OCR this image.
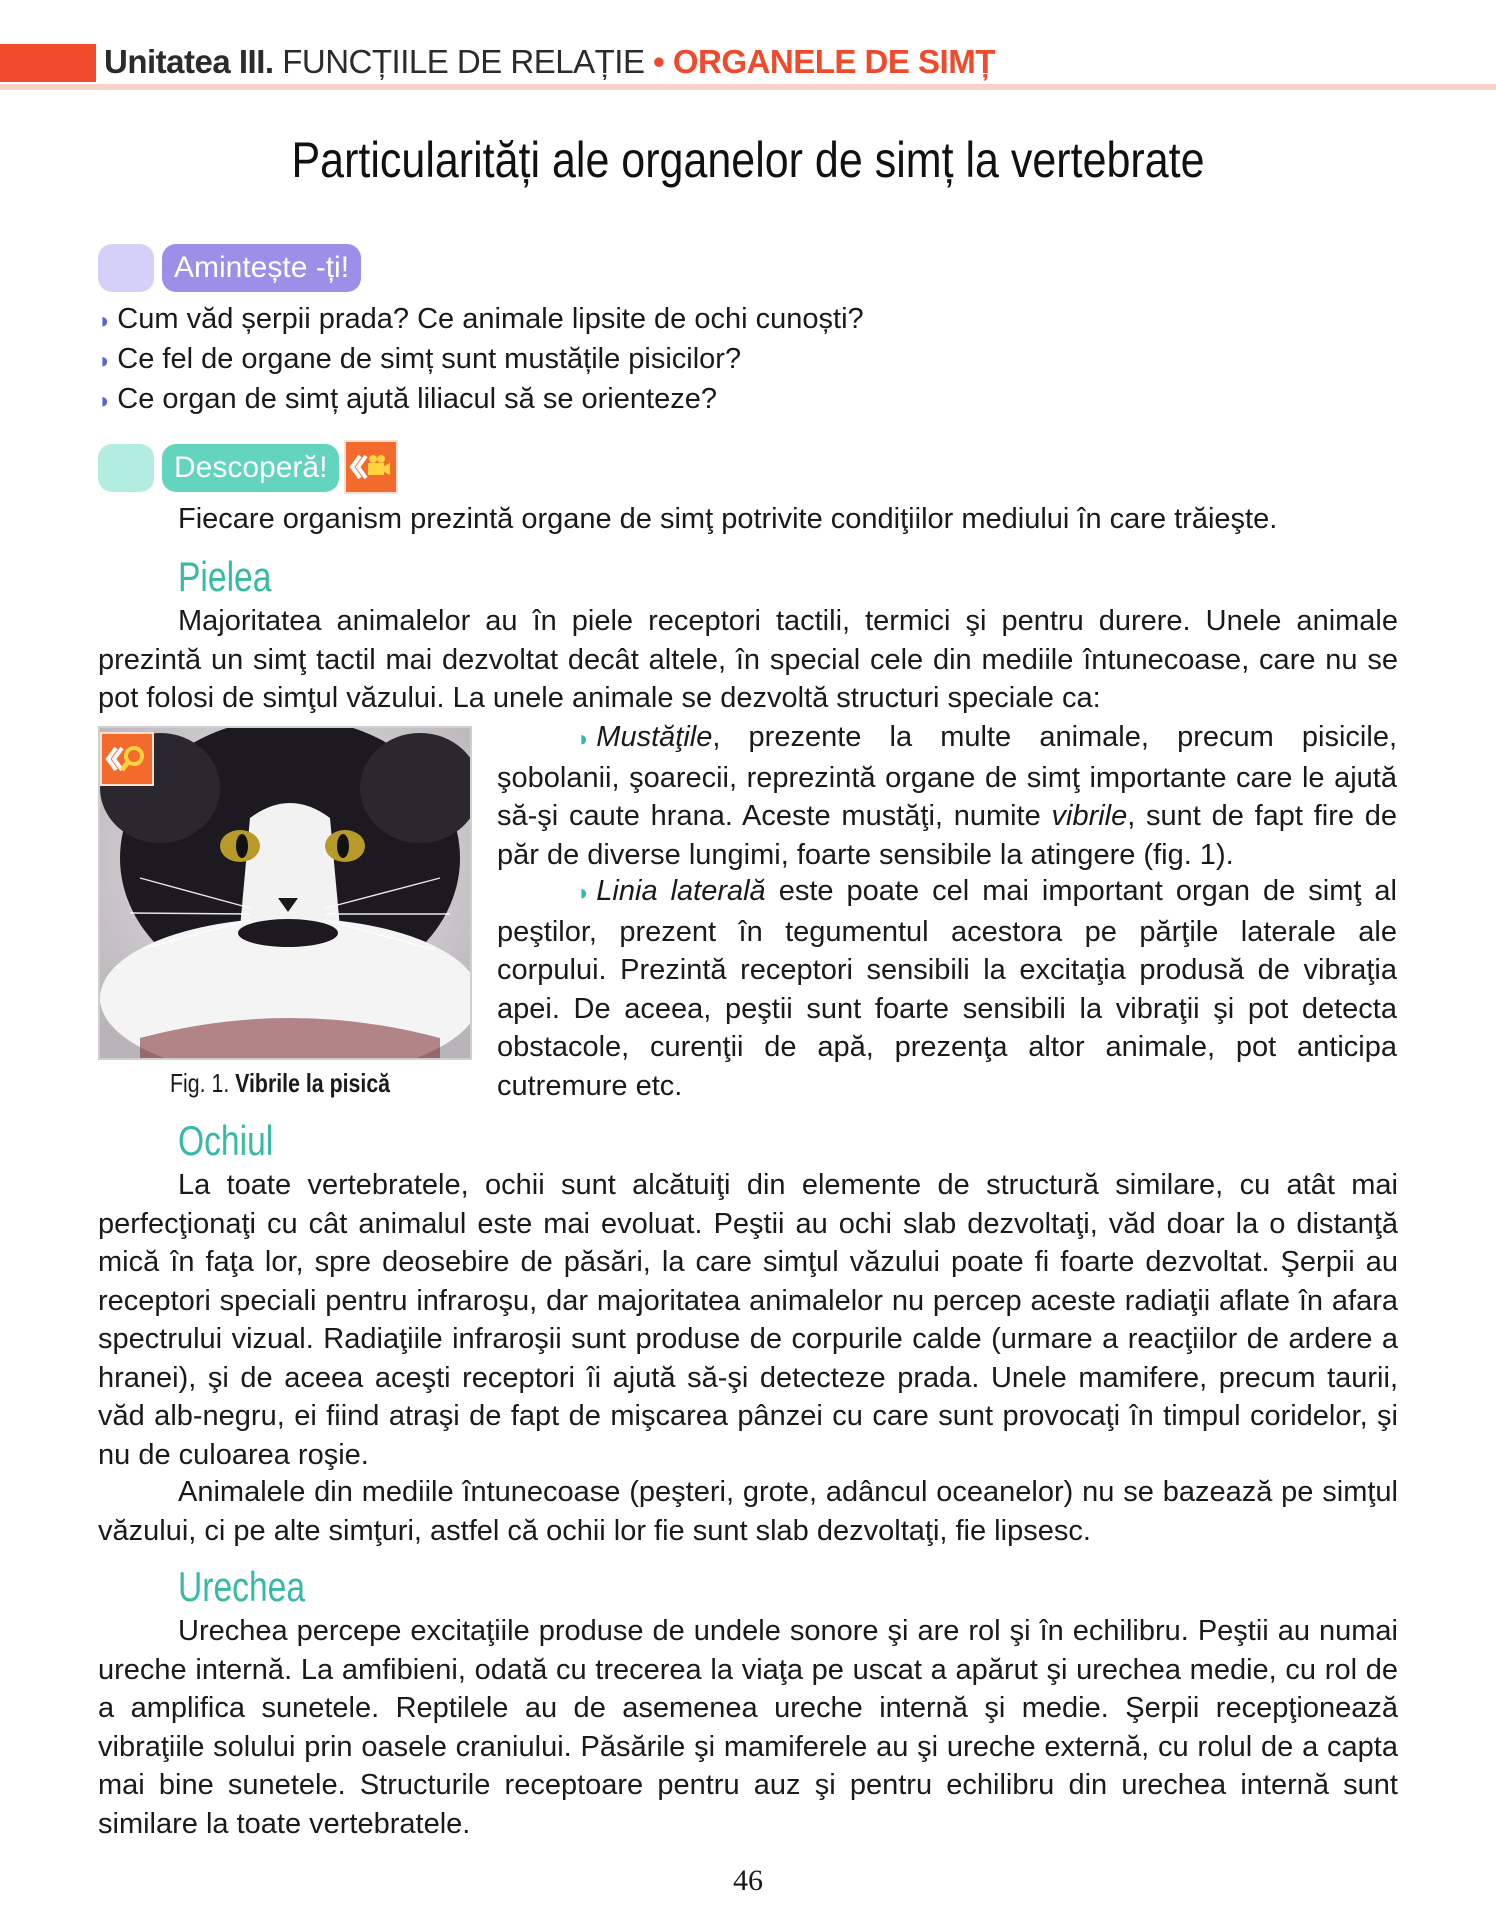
Unitatea III. FUNCȚIILE DE RELAȚIE • ORGANELE DE SIMȚ
Particularități ale organelor de simț la vertebrate
Amintește -ți!
◗ Cum văd șerpii prada? Ce animale lipsite de ochi cunoști?
◗ Ce fel de organe de simț sunt mustățile pisicilor?
◗ Ce organ de simț ajută liliacul să se orienteze?
Descoperă!
Fiecare organism prezintă organe de simţ potrivite condiţiilor mediului în care trăieşte.
Pielea
Majoritatea animalelor au în piele receptori tactili, termici şi pentru durere. Unele animale prezintă un simţ tactil mai dezvoltat decât altele, în special cele din mediile întunecoase, care nu se pot folosi de simţul văzului. La unele animale se dezvoltă structuri speciale ca:
Fig. 1. Vibrile la pisică
◗ Mustăţile, prezente la multe animale, precum pisicile, şobolanii, şoarecii, reprezintă organe de simţ importante care le ajută să-şi caute hrana. Aceste mustăţi, numite vibrile, sunt de fapt fire de păr de diverse lungimi, foarte sensibile la atingere (fig. 1).
◗ Linia laterală este poate cel mai important organ de simţ al peştilor, prezent în tegumentul acestora pe părţile laterale ale corpului. Prezintă receptori sensibili la excitaţia produsă de vibraţia apei. De aceea, peştii sunt foarte sensibili la vibraţii şi pot detecta obstacole, curenţii de apă, prezenţa altor animale, pot anticipa cutremure etc.
Ochiul
La toate vertebratele, ochii sunt alcătuiţi din elemente de structură similare, cu atât mai perfecţionaţi cu cât animalul este mai evoluat. Peştii au ochi slab dezvoltaţi, văd doar la o distanţă mică în faţa lor, spre deosebire de păsări, la care simţul văzului poate fi foarte dezvoltat. Şerpii au receptori speciali pentru infraroşu, dar majoritatea animalelor nu percep aceste radiaţii aflate în afara spectrului vizual. Radiaţiile infraroşii sunt produse de corpurile calde (urmare a reacţiilor de ardere a hranei), şi de aceea aceşti receptori îi ajută să-şi detecteze prada. Unele mamifere, precum taurii, văd alb-negru, ei fiind atraşi de fapt de mişcarea pânzei cu care sunt provocaţi în timpul coridelor, şi nu de culoarea roşie.
Animalele din mediile întunecoase (peşteri, grote, adâncul oceanelor) nu se bazează pe simţul văzului, ci pe alte simţuri, astfel că ochii lor fie sunt slab dezvoltaţi, fie lipsesc.
Urechea
Urechea percepe excitaţiile produse de undele sonore şi are rol şi în echilibru. Peştii au numai ureche internă. La amfibieni, odată cu trecerea la viaţa pe uscat a apărut şi urechea medie, cu rol de a amplifica sunetele. Reptilele au de asemenea ureche internă şi medie. Şerpii recepţionează vibraţiile solului prin oasele craniului. Păsările şi mamiferele au şi ureche externă, cu rolul de a capta mai bine sunetele. Structurile receptoare pentru auz şi pentru echilibru din urechea internă sunt similare la toate vertebratele.
46
